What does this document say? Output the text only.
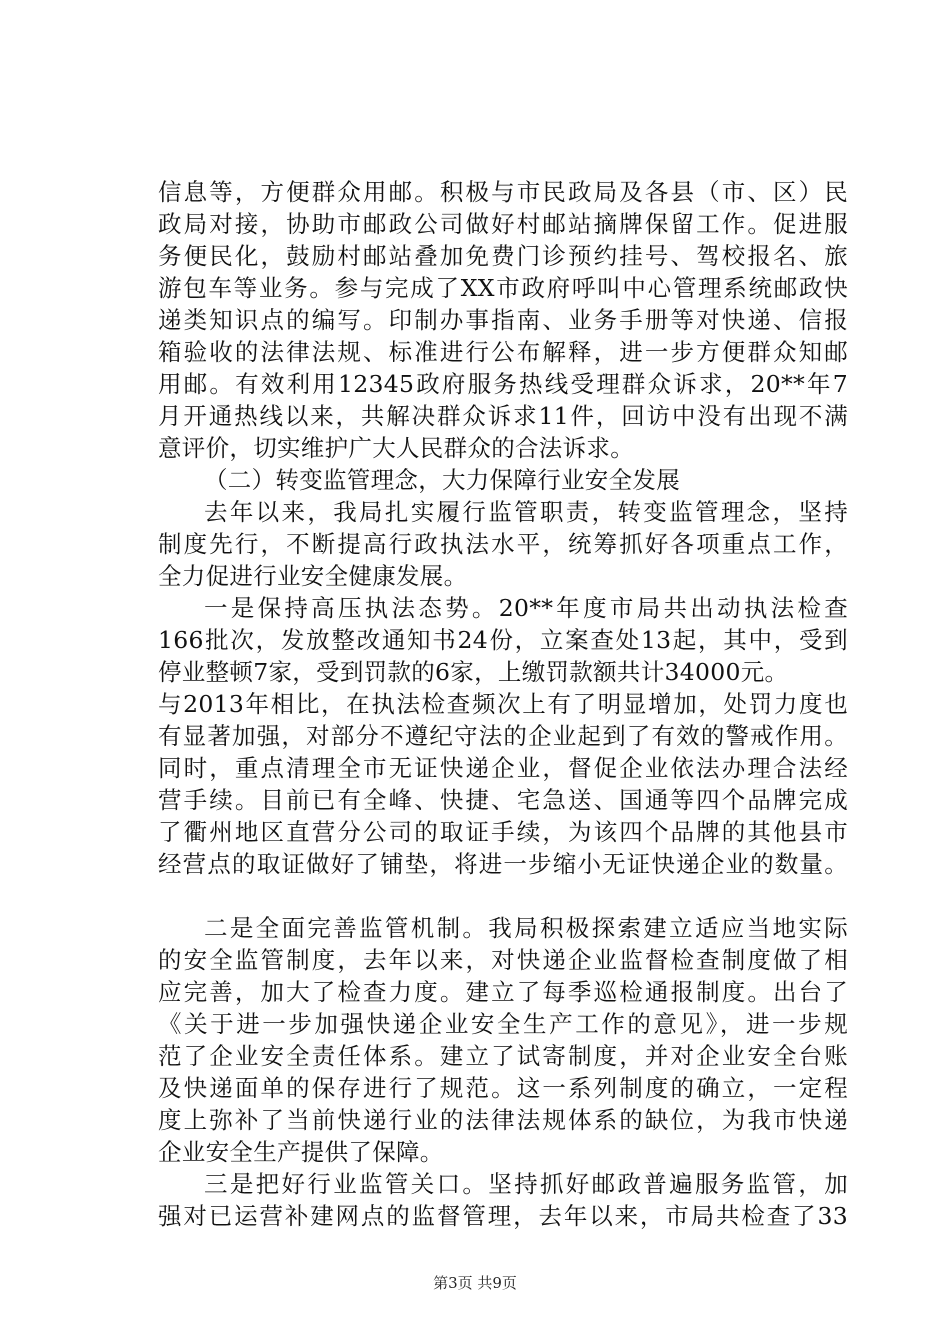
信息等，方便群众用邮。积极与市民政局及各县（市、区）民
政局对接，协助市邮政公司做好村邮站摘牌保留工作。促进服
务便民化，鼓励村邮站叠加免费门诊预约挂号、驾校报名、旅
游包车等业务。参与完成了XX市政府呼叫中心管理系统邮政快
递类知识点的编写。印制办事指南、业务手册等对快递、信报
箱验收的法律法规、标准进行公布解释，进一步方便群众知邮
用邮。有效利用12345政府服务热线受理群众诉求，20**年7
月开通热线以来，共解决群众诉求11件，回访中没有出现不满
意评价，切实维护广大人民群众的合法诉求。
（二）转变监管理念，大力保障行业安全发展
去年以来，我局扎实履行监管职责，转变监管理念，坚持
制度先行，不断提高行政执法水平，统筹抓好各项重点工作，
全力促进行业安全健康发展。
一是保持高压执法态势。20**年度市局共出动执法检查
166批次，发放整改通知书24份，立案查处13起，其中，受到
停业整顿7家，受到罚款的6家，上缴罚款额共计34000元。
与2013年相比，在执法检查频次上有了明显增加，处罚力度也
有显著加强，对部分不遵纪守法的企业起到了有效的警戒作用。
同时，重点清理全市无证快递企业，督促企业依法办理合法经
营手续。目前已有全峰、快捷、宅急送、国通等四个品牌完成
了衢州地区直营分公司的取证手续，为该四个品牌的其他县市
经营点的取证做好了铺垫，将进一步缩小无证快递企业的数量。
二是全面完善监管机制。我局积极探索建立适应当地实际
的安全监管制度，去年以来，对快递企业监督检查制度做了相
应完善，加大了检查力度。建立了每季巡检通报制度。出台了
《关于进一步加强快递企业安全生产工作的意见》，进一步规
范了企业安全责任体系。建立了试寄制度，并对企业安全台账
及快递面单的保存进行了规范。这一系列制度的确立，一定程
度上弥补了当前快递行业的法律法规体系的缺位，为我市快递
企业安全生产提供了保障。
三是把好行业监管关口。坚持抓好邮政普遍服务监管，加
强对已运营补建网点的监督管理，去年以来，市局共检查了33
第3页 共9页
